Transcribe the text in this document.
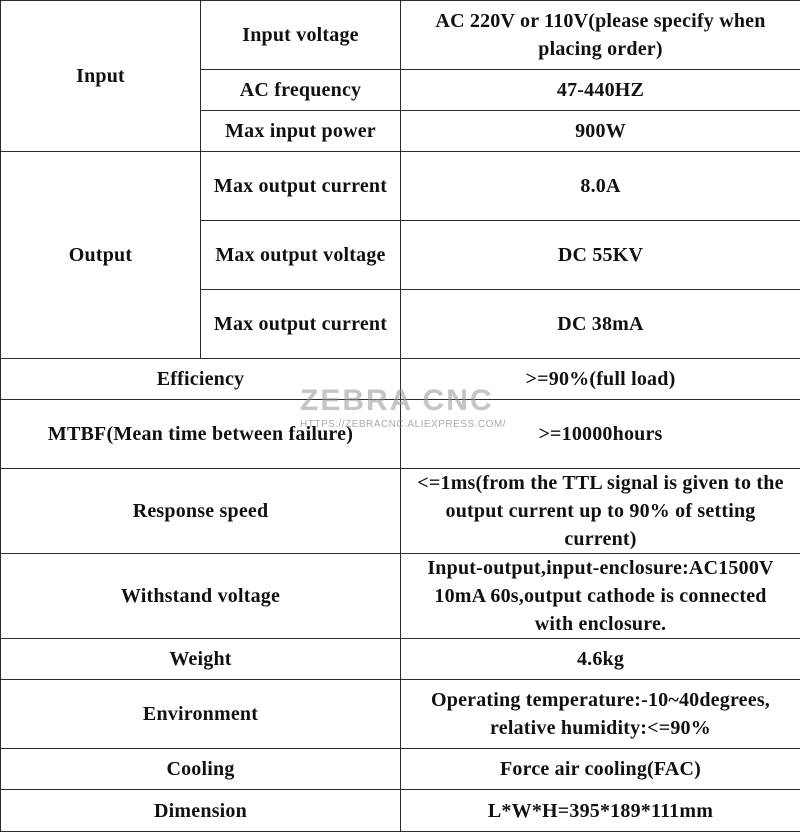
Input	Input voltage	AC 220V or 110V(please specify when placing order)
	AC frequency	47-440HZ
	Max input power	900W
Output	Max output current	8.0A
	Max output voltage	DC 55KV
	Max output current	DC 38mA
Efficiency		>=90%(full load)
MTBF(Mean time between failure)		>=10000hours
Response speed		<=1ms(from the TTL signal is given to the output current up to 90% of setting current)
Withstand voltage		Input-output,input-enclosure:AC1500V 10mA 60s,output cathode is connected with enclosure.
Weight		4.6kg
Environment		Operating temperature:-10~40degrees, relative humidity:<=90%
Cooling		Force air cooling(FAC)
Dimension		L*W*H=395*189*111mm
ZEBRA CNC
HTTPS://ZEBRACNC.ALIEXPRESS.COM/
